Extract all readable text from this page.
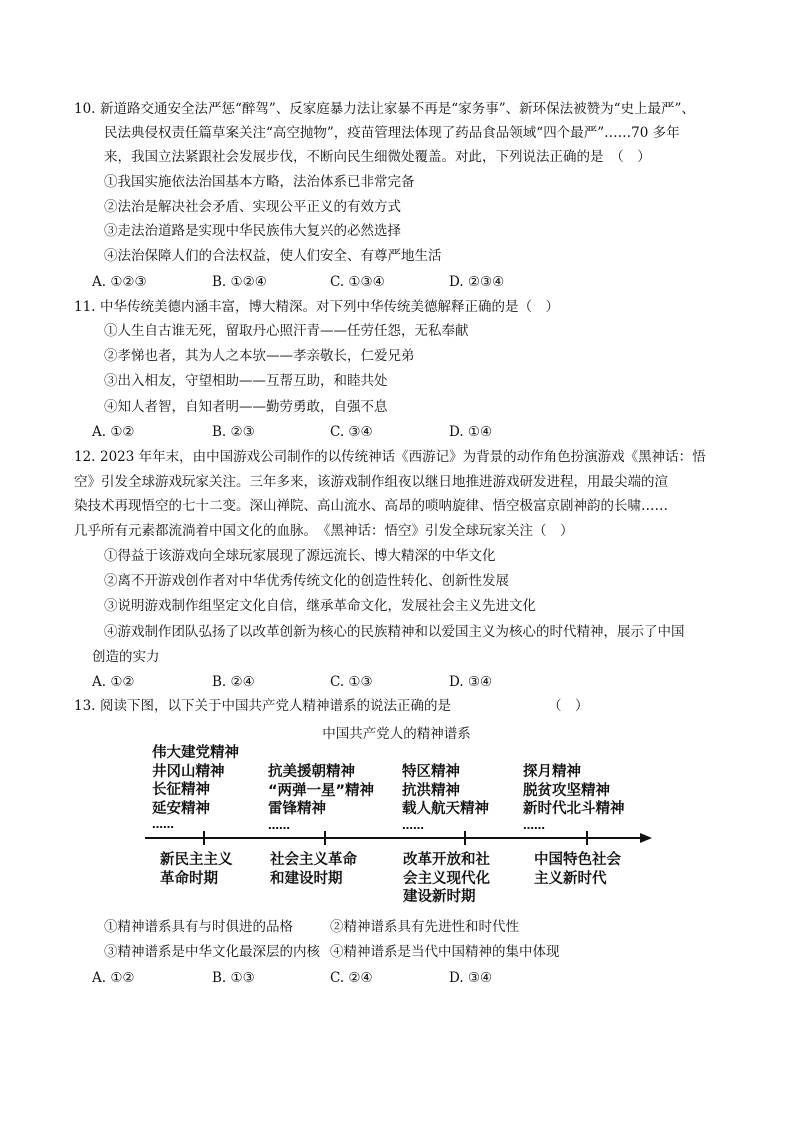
10. 新道路交通安全法严惩“醉驾”、反家庭暴力法让家暴不再是“家务事”、新环保法被赞为“史上最严”、
民法典侵权责任篇草案关注“高空抛物”，疫苗管理法体现了药品食品领域“四个最严”……70 多年
来，我国立法紧跟社会发展步伐，不断向民生细微处覆盖。对此，下列说法正确的是　（　）
①我国实施依法治国基本方略，法治体系已非常完备
②法治是解决社会矛盾、实现公平正义的有效方式
③走法治道路是实现中华民族伟大复兴的必然选择
④法治保障人们的合法权益，使人们安全、有尊严地生活
A. ①②③	B. ①②④	C. ①③④	D. ②③④
11. 中华传统美德内涵丰富，博大精深。对下列中华传统美德解释正确的是（　）
①人生自古谁无死，留取丹心照汗青——任劳任怨，无私奉献
②孝悌也者，其为人之本欤——孝亲敬长，仁爱兄弟
③出入相友，守望相助——互帮互助，和睦共处
④知人者智，自知者明——勤劳勇敢，自强不息
A. ①②	B. ②③	C. ③④	D. ①④
12. 2023 年年末，由中国游戏公司制作的以传统神话《西游记》为背景的动作角色扮演游戏《黑神话：悟
空》引发全球游戏玩家关注。三年多来，该游戏制作组夜以继日地推进游戏研发进程，用最尖端的渲
染技术再现悟空的七十二变。深山禅院、高山流水、高昂的唢呐旋律、悟空极富京剧神韵的长啸……
几乎所有元素都流淌着中国文化的血脉。　《黑神话：悟空》引发全球玩家关注（　）
①得益于该游戏向全球玩家展现了源远流长、博大精深的中华文化
②离不开游戏创作者对中华优秀传统文化的创造性转化、创新性发展
③说明游戏制作组坚定文化自信，继承革命文化，发展社会主义先进文化
④游戏制作团队弘扬了以改革创新为核心的民族精神和以爱国主义为核心的时代精神，展示了中国
创造的实力
A. ①②	B. ②④	C. ①③	D. ③④
13. 阅读下图，以下关于中国共产党人精神谱系的说法正确的是	（　）
中国共产党人的精神谱系
伟大建党精神
井冈山精神
长征精神
延安精神
……
抗美援朝精神
“两弹一星”精神
雷锋精神
……
特区精神
抗洪精神
载人航天精神
……
探月精神
脱贫攻坚精神
新时代北斗精神
……
新民主主义
革命时期
社会主义革命
和建设时期
改革开放和社
会主义现代化
建设新时期
中国特色社会
主义新时代
①精神谱系具有与时俱进的品格	②精神谱系具有先进性和时代性
③精神谱系是中华文化最深层的内核 ④精神谱系是当代中国精神的集中体现
A. ①②	B. ①③	C. ②④	D. ③④
